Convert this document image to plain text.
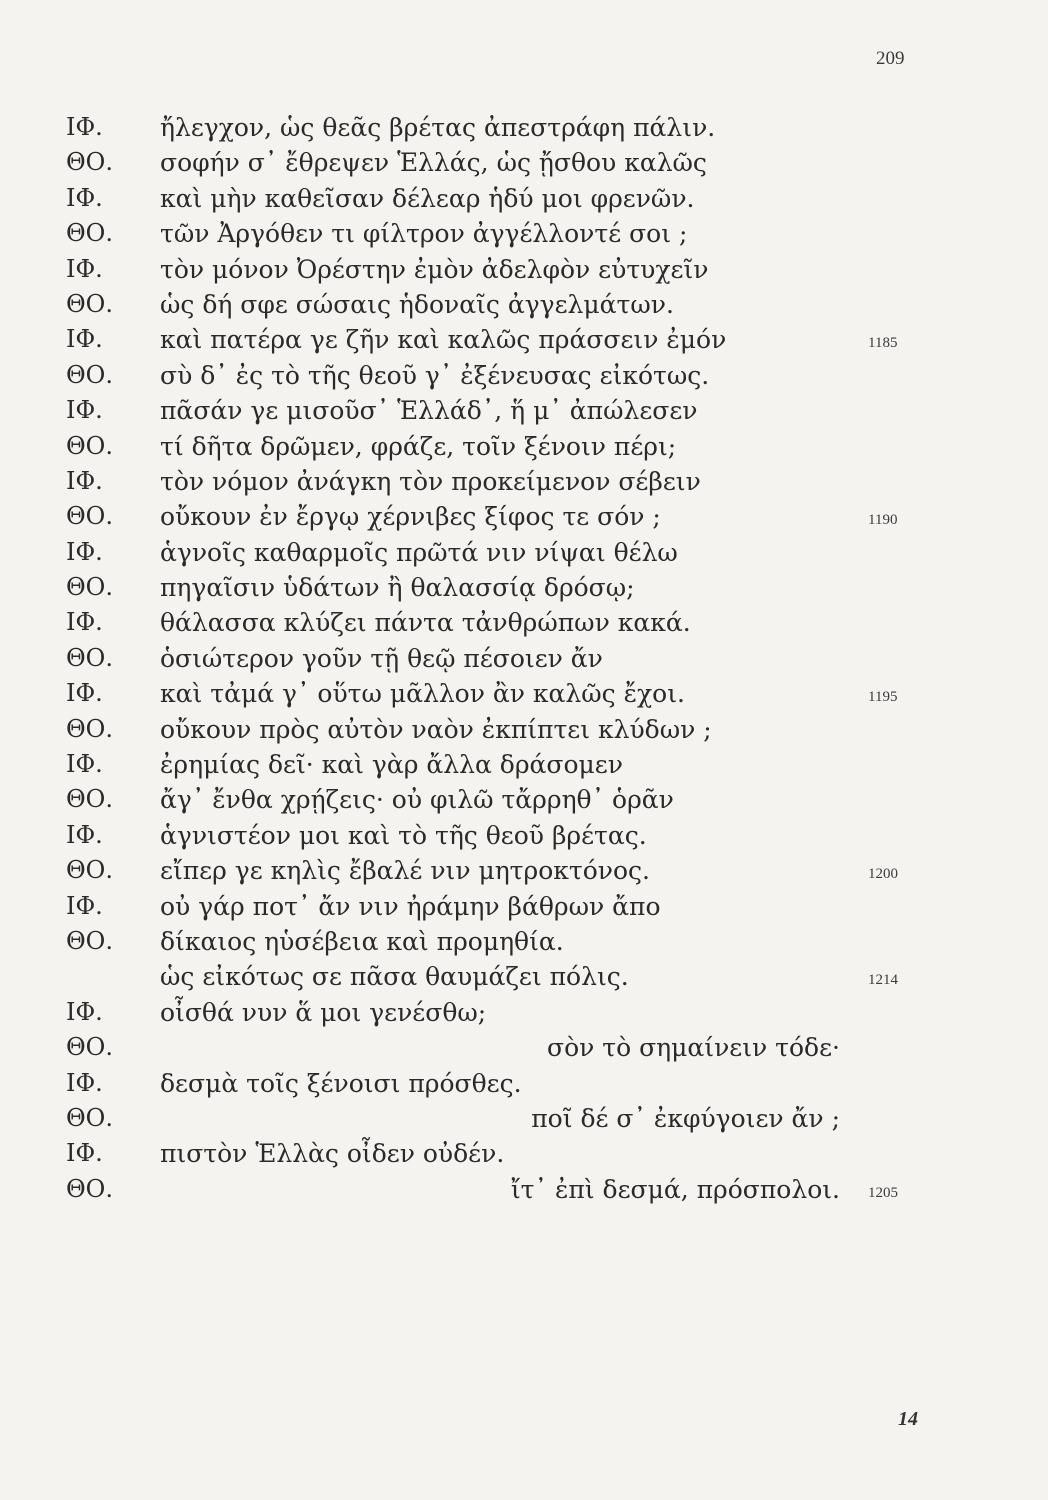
209
ΙΦ. ἤλεγχον, ὡς θεᾶς βρέτας ἀπεστράφη πάλιν.
ΘΟ. σοφήν σ᾽ ἔθρεψεν Ἑλλάς, ὡς ᾔσθου καλῶς
ΙΦ. καὶ μὴν καθεῖσαν δέλεαρ ἡδύ μοι φρενῶν.
ΘΟ. τῶν Ἀργόθεν τι φίλτρον ἀγγέλλοντέ σοι ;
ΙΦ. τὸν μόνον Ὀρέστην ἐμὸν ἀδελφὸν εὐτυχεῖν
ΘΟ. ὡς δή σφε σώσαις ἡδοναῖς ἀγγελμάτων.
ΙΦ. καὶ πατέρα γε ζῆν καὶ καλῶς πράσσειν ἐμόν	1185
ΘΟ. σὺ δ᾽ ἐς τὸ τῆς θεοῦ γ᾽ ἐξένευσας εἰκότως.
ΙΦ. πᾶσάν γε μισοῦσ᾽ Ἑλλάδ᾽, ἥ μ᾽ ἀπώλεσεν
ΘΟ. τί δῆτα δρῶμεν, φράζε, τοῖν ξένοιν πέρι;
ΙΦ. τὸν νόμον ἀνάγκη τὸν προκείμενον σέβειν
ΘΟ. οὔκουν ἐν ἔργῳ χέρνιβες ξίφος τε σόν ;	1190
ΙΦ. ἁγνοῖς καθαρμοῖς πρῶτά νιν νίψαι θέλω
ΘΟ. πηγαῖσιν ὑδάτων ἢ θαλασσίᾳ δρόσῳ;
ΙΦ. θάλασσα κλύζει πάντα τἀνθρώπων κακά.
ΘΟ. ὁσιώτερον γοῦν τῇ θεῷ πέσοιεν ἄν
ΙΦ. καὶ τἀμά γ᾽ οὕτω μᾶλλον ἂν καλῶς ἔχοι.	1195
ΘΟ. οὔκουν πρὸς αὐτὸν ναὸν ἐκπίπτει κλύδων ;
ΙΦ. ἐρημίας δεῖ· καὶ γὰρ ἄλλα δράσομεν
ΘΟ. ἄγ᾽ ἔνθα χρῄζεις· οὐ φιλῶ τἄρρηθ᾽ ὁρᾶν
ΙΦ. ἁγνιστέον μοι καὶ τὸ τῆς θεοῦ βρέτας.
ΘΟ. εἴπερ γε κηλὶς ἔβαλέ νιν μητροκτόνος.	1200
ΙΦ. οὐ γάρ ποτ᾽ ἄν νιν ἠράμην βάθρων ἄπο
ΘΟ. δίκαιος ηὑσέβεια καὶ προμηθία.
ὡς εἰκότως σε πᾶσα θαυμάζει πόλις.	1214
ΙΦ. οἶσθά νυν ἅ μοι γενέσθω;
ΘΟ.	σὸν τὸ σημαίνειν τόδε·
ΙΦ. δεσμὰ τοῖς ξένοισι πρόσθες.
ΘΟ.	ποῖ δέ σ᾽ ἐκφύγοιεν ἄν ;
ΙΦ. πιστὸν Ἑλλὰς οἶδεν οὐδέν.
ΘΟ.	ἴτ᾽ ἐπὶ δεσμά, πρόσπολοι. 1205
14
